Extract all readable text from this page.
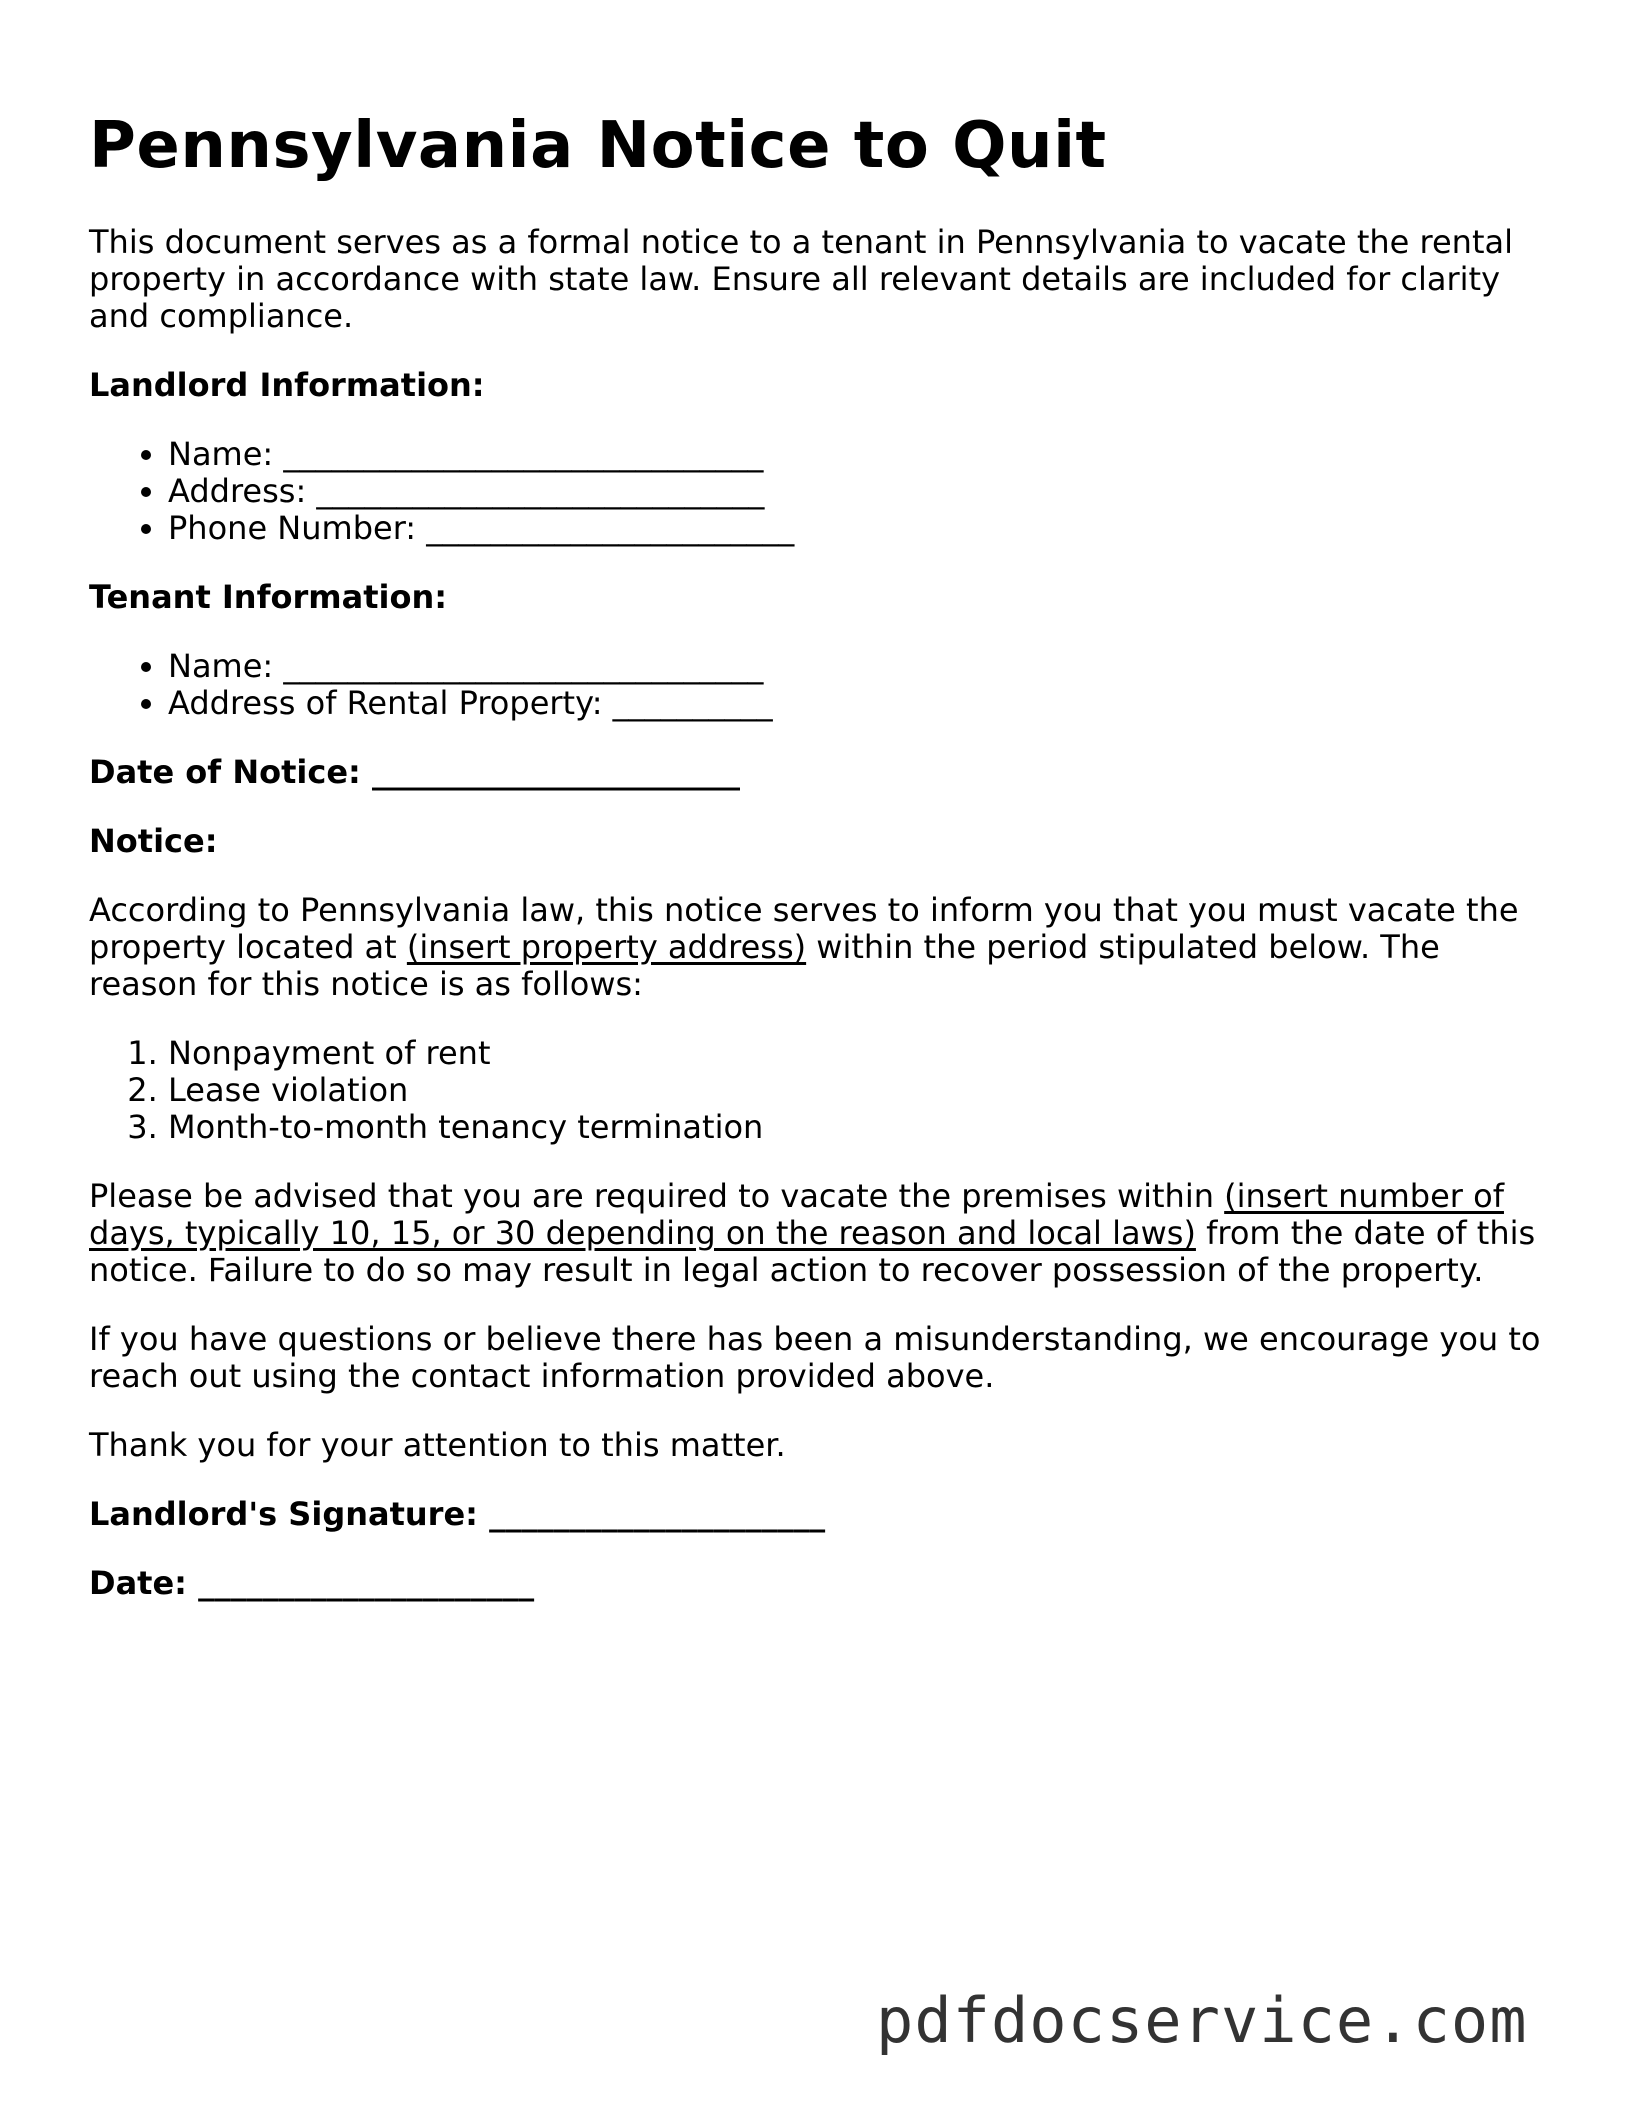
Pennsylvania Notice to Quit

This document serves as a formal notice to a tenant in Pennsylvania to vacate the rental property in accordance with state law. Ensure all relevant details are included for clarity and compliance.

Landlord Information:
• Name: ______________________________
• Address: ____________________________
• Phone Number: _______________________
Tenant Information:
• Name: ______________________________
• Address of Rental Property: __________
Date of Notice: _______________________
Notice:

According to Pennsylvania law, this notice serves to inform you that you must vacate the property located at (insert property address) within the period stipulated below. The reason for this notice is as follows:

1. Nonpayment of rent
2. Lease violation
3. Month-to-month tenancy termination

Please be advised that you are required to vacate the premises within (insert number of days, typically 10, 15, or 30 depending on the reason and local laws) from the date of this notice. Failure to do so may result in legal action to recover possession of the property.

If you have questions or believe there has been a misunderstanding, we encourage you to reach out using the contact information provided above.

Thank you for your attention to this matter.

Landlord's Signature: _____________________
Date: _____________________
pdfdocservice.com
